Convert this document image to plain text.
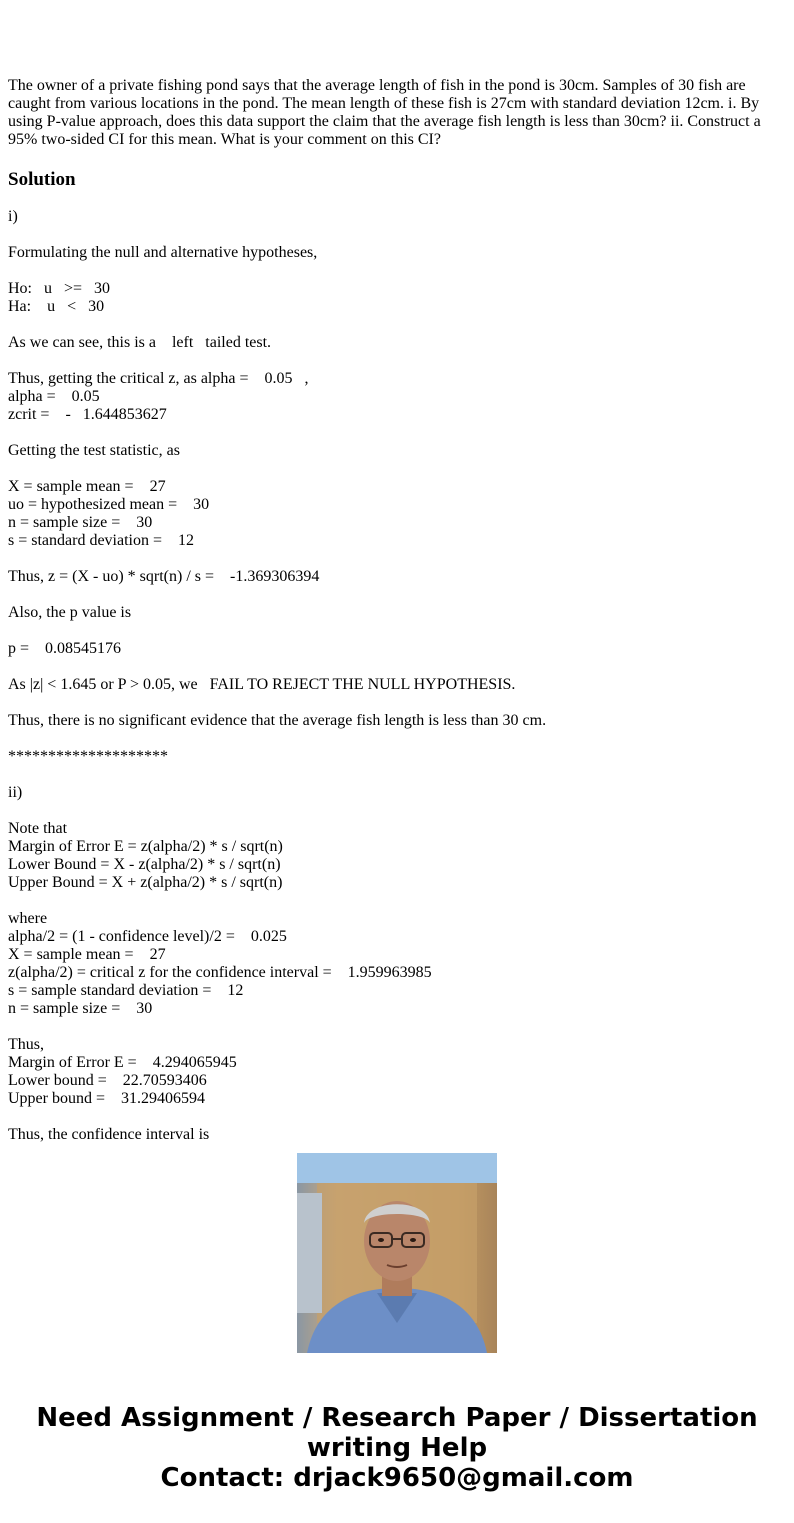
The owner of a private fishing pond says that the average length of fish in the pond is 30cm. Samples of 30 fish are caught from various locations in the pond. The mean length of these fish is 27cm with standard deviation 12cm. i. By using P-value approach, does this data support the claim that the average fish length is less than 30cm? ii. Construct a 95% two-sided CI for this mean. What is your comment on this CI?

Solution
i)
Formulating the null and alternative hypotheses,
Ho:   u   >=   30
Ha:    u   <   30
As we can see, this is a    left   tailed test.
Thus, getting the critical z, as alpha =    0.05   ,
alpha =    0.05
zcrit =    -   1.644853627
Getting the test statistic, as
X = sample mean =    27
uo = hypothesized mean =    30
n = sample size =    30
s = standard deviation =    12
Thus, z = (X - uo) * sqrt(n) / s =    -1.369306394
Also, the p value is
p =    0.08545176
As |z| < 1.645 or P > 0.05, we   FAIL TO REJECT THE NULL HYPOTHESIS.
Thus, there is no significant evidence that the average fish length is less than 30 cm.
********************
ii)
Note that
Margin of Error E = z(alpha/2) * s / sqrt(n)
Lower Bound = X - z(alpha/2) * s / sqrt(n)
Upper Bound = X + z(alpha/2) * s / sqrt(n)
where
alpha/2 = (1 - confidence level)/2 =    0.025
X = sample mean =    27
z(alpha/2) = critical z for the confidence interval =    1.959963985
s = sample standard deviation =    12
n = sample size =    30
Thus,
Margin of Error E =    4.294065945
Lower bound =    22.70593406
Upper bound =    31.29406594
Thus, the confidence interval is
Need Assignment / Research Paper / Dissertation
writing Help
Contact: drjack9650@gmail.com
